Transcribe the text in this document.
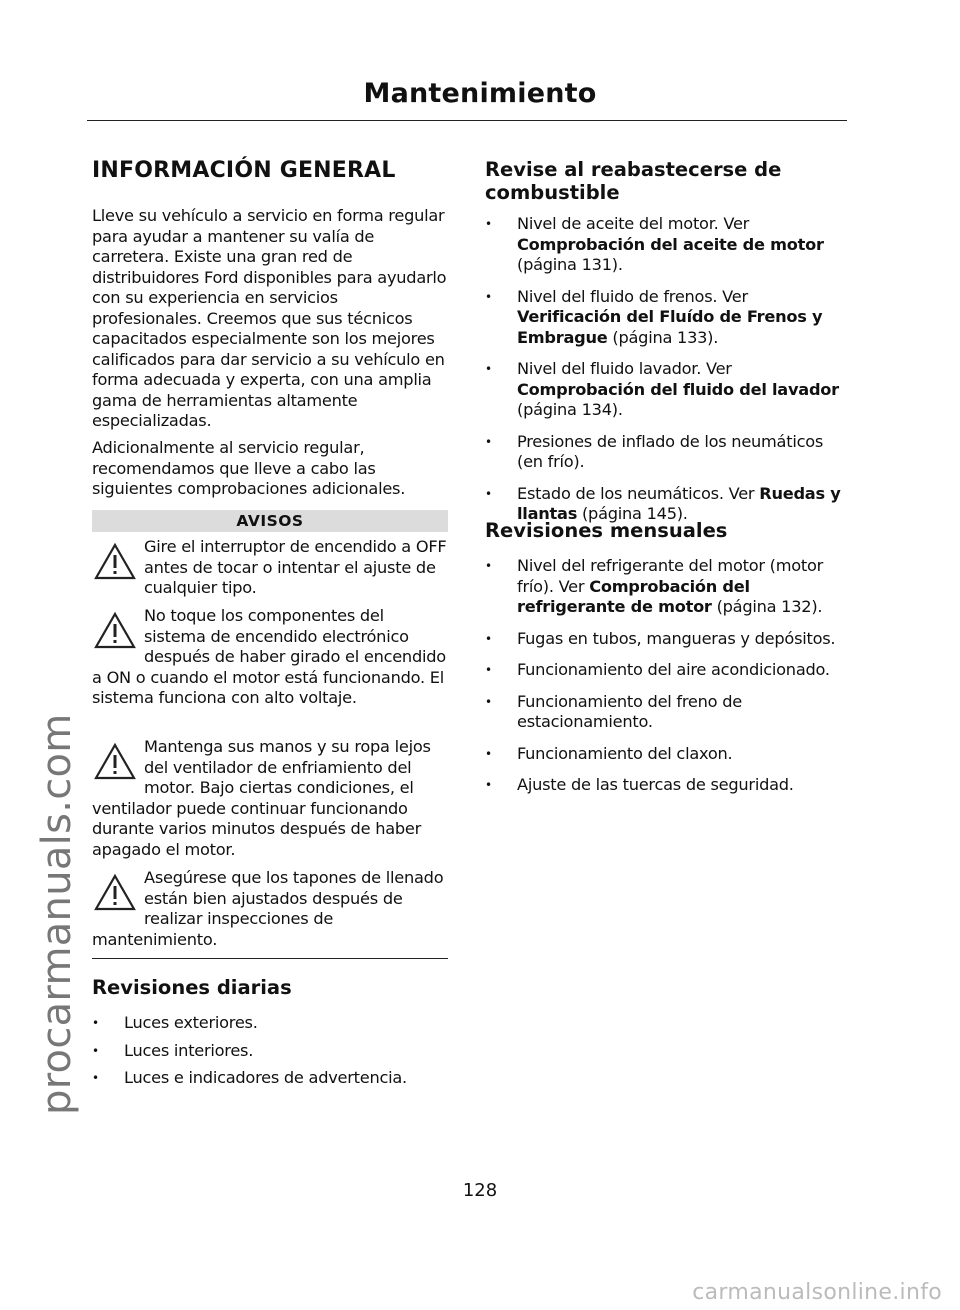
Mantenimiento
procarmanuals.com
INFORMACIÓN GENERAL
Lleve su vehículo a servicio en forma regular para ayudar a mantener su valía de carretera. Existe una gran red de distribuidores Ford disponibles para ayudarlo con su experiencia en servicios profesionales. Creemos que sus técnicos capacitados especialmente son los mejores calificados para dar servicio a su vehículo en forma adecuada y experta, con una amplia gama de herramientas altamente especializadas.
Adicionalmente al servicio regular, recomendamos que lleve a cabo las siguientes comprobaciones adicionales.
AVISOS
Gire el interruptor de encendido a OFF antes de tocar o intentar el ajuste de cualquier tipo.
No toque los componentes del sistema de encendido electrónico después de haber girado el encendido a ON o cuando el motor está funcionando. El sistema funciona con alto voltaje.
Mantenga sus manos y su ropa lejos del ventilador de enfriamiento del motor. Bajo ciertas condiciones, el ventilador puede continuar funcionando durante varios minutos después de haber apagado el motor.
Asegúrese que los tapones de llenado están bien ajustados después de realizar inspecciones de mantenimiento.
Revisiones diarias
• Luces exteriores.
• Luces interiores.
• Luces e indicadores de advertencia.
Revise al reabastecerse de combustible
• Nivel de aceite del motor. Ver Comprobación del aceite de motor (página 131).
• Nivel del fluido de frenos. Ver Verificación del Fluído de Frenos y Embrague (página 133).
• Nivel del fluido lavador. Ver Comprobación del fluido del lavador (página 134).
• Presiones de inflado de los neumáticos (en frío).
• Estado de los neumáticos. Ver Ruedas y llantas (página 145).
Revisiones mensuales
• Nivel del refrigerante del motor (motor frío). Ver Comprobación del refrigerante de motor (página 132).
• Fugas en tubos, mangueras y depósitos.
• Funcionamiento del aire acondicionado.
• Funcionamiento del freno de estacionamiento.
• Funcionamiento del claxon.
• Ajuste de las tuercas de seguridad.
128
carmanualsonline.info
